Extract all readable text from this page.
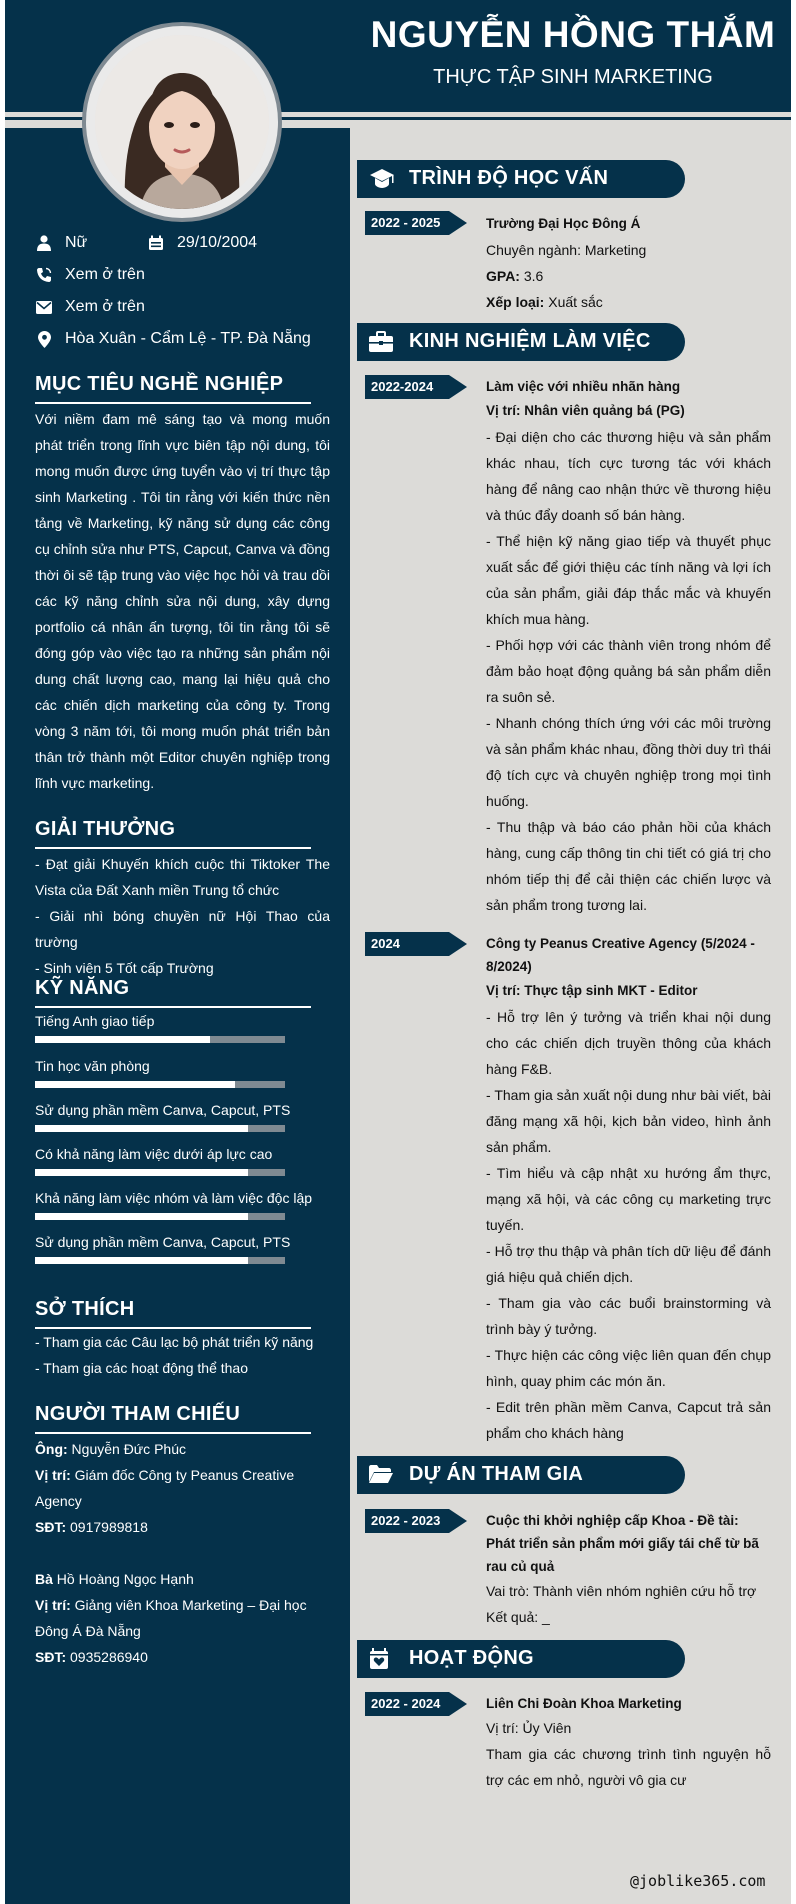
NGUYỄN HỒNG THẮM
THỰC TẬP SINH MARKETING
Nữ	29/10/2004
Xem ở trên
Xem ở trên
Hòa Xuân - Cẩm Lệ - TP. Đà Nẵng
MỤC TIÊU NGHỀ NGHIỆP
Với niềm đam mê sáng tạo và mong muốn phát triển trong lĩnh vực biên tập nội dung, tôi mong muốn được ứng tuyển vào vị trí thực tập sinh Marketing . Tôi tin rằng với kiến thức nền tảng về Marketing, kỹ năng sử dụng các công cụ chỉnh sửa như PTS, Capcut, Canva và đồng thời ôi sẽ tập trung vào việc học hỏi và trau dồi các kỹ năng chỉnh sửa nội dung, xây dựng portfolio cá nhân ấn tượng, tôi tin rằng tôi sẽ đóng góp vào việc tạo ra những sản phẩm nội dung chất lượng cao, mang lại hiệu quả cho các chiến dịch marketing của công ty. Trong vòng 3 năm tới, tôi mong muốn phát triển bản thân trở thành một Editor chuyên nghiệp trong lĩnh vực marketing.
GIẢI THƯỞNG
- Đạt giải Khuyến khích cuộc thi Tiktoker The Vista của Đất Xanh miền Trung tổ chức
- Giải nhì bóng chuyền nữ Hội Thao của trường
- Sinh viên 5 Tốt cấp Trường
KỸ NĂNG
Tiếng Anh giao tiếp
Tin học văn phòng
Sử dụng phần mềm Canva, Capcut, PTS
Có khả năng làm việc dưới áp lực cao
Khả năng làm việc nhóm và làm việc độc lập
Sử dụng phần mềm Canva, Capcut, PTS
SỞ THÍCH
- Tham gia các Câu lạc bộ phát triển kỹ năng
- Tham gia các hoạt động thể thao
NGƯỜI THAM CHIẾU
Ông: Nguyễn Đức Phúc
Vị trí: Giám đốc Công ty Peanus Creative Agency
SĐT: 0917989818
Bà Hồ Hoàng Ngọc Hạnh
Vị trí: Giảng viên Khoa Marketing – Đại học Đông Á Đà Nẵng
SĐT: 0935286940
TRÌNH ĐỘ HỌC VẤN
2022 - 2025	Trường Đại Học Đông Á
Chuyên ngành: Marketing
GPA: 3.6
Xếp loại: Xuất sắc
KINH NGHIỆM LÀM VIỆC
2022-2024	Làm việc với nhiều nhãn hàng
Vị trí: Nhân viên quảng bá (PG)
- Đại diện cho các thương hiệu và sản phẩm khác nhau, tích cực tương tác với khách hàng để nâng cao nhận thức về thương hiệu và thúc đẩy doanh số bán hàng.
- Thể hiện kỹ năng giao tiếp và thuyết phục xuất sắc để giới thiệu các tính năng và lợi ích của sản phẩm, giải đáp thắc mắc và khuyến khích mua hàng.
- Phối hợp với các thành viên trong nhóm để đảm bảo hoạt động quảng bá sản phẩm diễn ra suôn sẻ.
- Nhanh chóng thích ứng với các môi trường và sản phẩm khác nhau, đồng thời duy trì thái độ tích cực và chuyên nghiệp trong mọi tình huống.
- Thu thập và báo cáo phản hồi của khách hàng, cung cấp thông tin chi tiết có giá trị cho nhóm tiếp thị để cải thiện các chiến lược và sản phẩm trong tương lai.
2024	Công ty Peanus Creative Agency (5/2024 - 8/2024)
Vị trí: Thực tập sinh MKT - Editor
- Hỗ trợ lên ý tưởng và triển khai nội dung cho các chiến dịch truyền thông của khách hàng F&B.
- Tham gia sản xuất nội dung như bài viết, bài đăng mạng xã hội, kịch bản video, hình ảnh sản phẩm.
- Tìm hiểu và cập nhật xu hướng ẩm thực, mạng xã hội, và các công cụ marketing trực tuyến.
- Hỗ trợ thu thập và phân tích dữ liệu để đánh giá hiệu quả chiến dịch.
- Tham gia vào các buổi brainstorming và trình bày ý tưởng.
- Thực hiện các công việc liên quan đến chụp hình, quay phim các món ăn.
- Edit trên phần mềm Canva, Capcut trả sản phẩm cho khách hàng
DỰ ÁN THAM GIA
2022 - 2023	Cuộc thi khởi nghiệp cấp Khoa - Đề tài: Phát triển sản phẩm mới giấy tái chế từ bã rau củ quả
Vai trò: Thành viên nhóm nghiên cứu hỗ trợ
Kết quả: _
HOẠT ĐỘNG
2022 - 2024	Liên Chi Đoàn Khoa Marketing
Vị trí: Ủy Viên
Tham gia các chương trình tình nguyện hỗ trợ các em nhỏ, người vô gia cư
@joblike365.com
